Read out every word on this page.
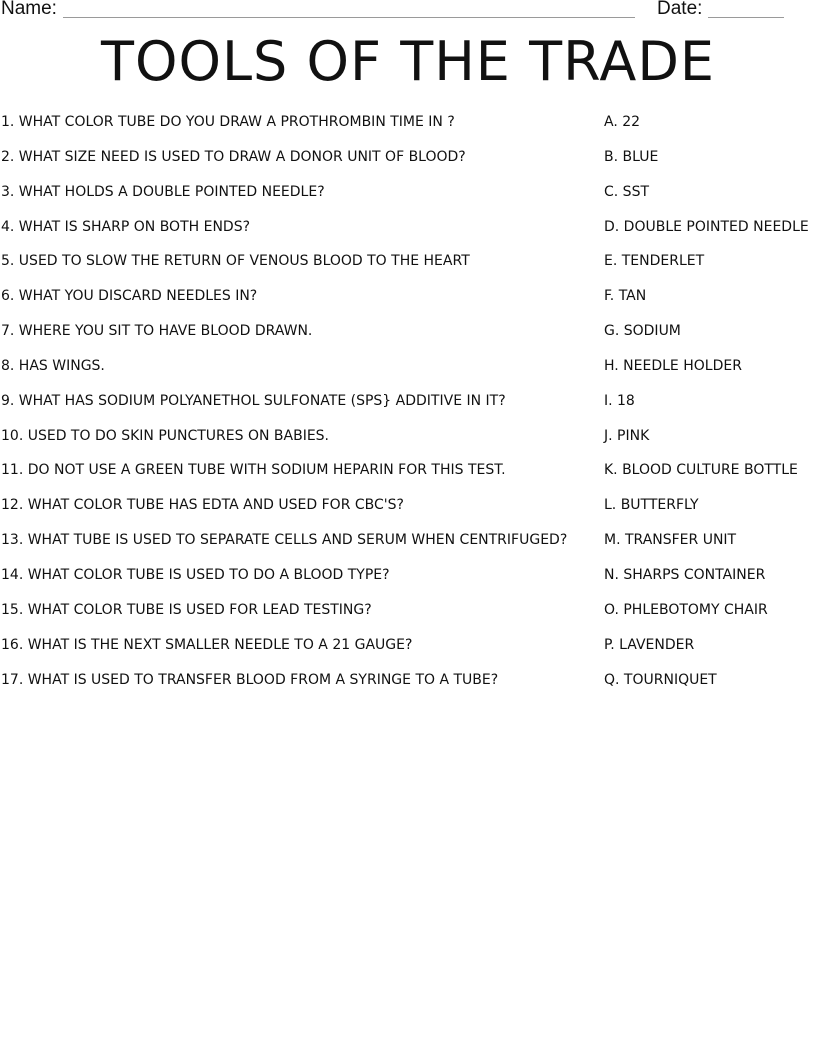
Name:	Date:
TOOLS OF THE TRADE
1. WHAT COLOR TUBE DO YOU DRAW A PROTHROMBIN TIME IN ?
2. WHAT SIZE NEED IS USED TO DRAW A DONOR UNIT OF BLOOD?
3. WHAT HOLDS A DOUBLE POINTED NEEDLE?
4. WHAT IS SHARP ON BOTH ENDS?
5. USED TO SLOW THE RETURN OF VENOUS BLOOD TO THE HEART
6. WHAT YOU DISCARD NEEDLES IN?
7. WHERE YOU SIT TO HAVE BLOOD DRAWN.
8. HAS WINGS.
9. WHAT HAS SODIUM POLYANETHOL SULFONATE (SPS} ADDITIVE IN IT?
10. USED TO DO SKIN PUNCTURES ON BABIES.
11. DO NOT USE A GREEN TUBE WITH SODIUM HEPARIN FOR THIS TEST.
12. WHAT COLOR TUBE HAS EDTA AND USED FOR CBC'S?
13. WHAT TUBE IS USED TO SEPARATE CELLS AND SERUM WHEN CENTRIFUGED?
14. WHAT COLOR TUBE IS USED TO DO A BLOOD TYPE?
15. WHAT COLOR TUBE IS USED FOR LEAD TESTING?
16. WHAT IS THE NEXT SMALLER NEEDLE TO A 21 GAUGE?
17. WHAT IS USED TO TRANSFER BLOOD FROM A SYRINGE TO A TUBE?
A. 22
B. BLUE
C. SST
D. DOUBLE POINTED NEEDLE
E. TENDERLET
F. TAN
G. SODIUM
H. NEEDLE HOLDER
I. 18
J. PINK
K. BLOOD CULTURE BOTTLE
L. BUTTERFLY
M. TRANSFER UNIT
N. SHARPS CONTAINER
O. PHLEBOTOMY CHAIR
P. LAVENDER
Q. TOURNIQUET
